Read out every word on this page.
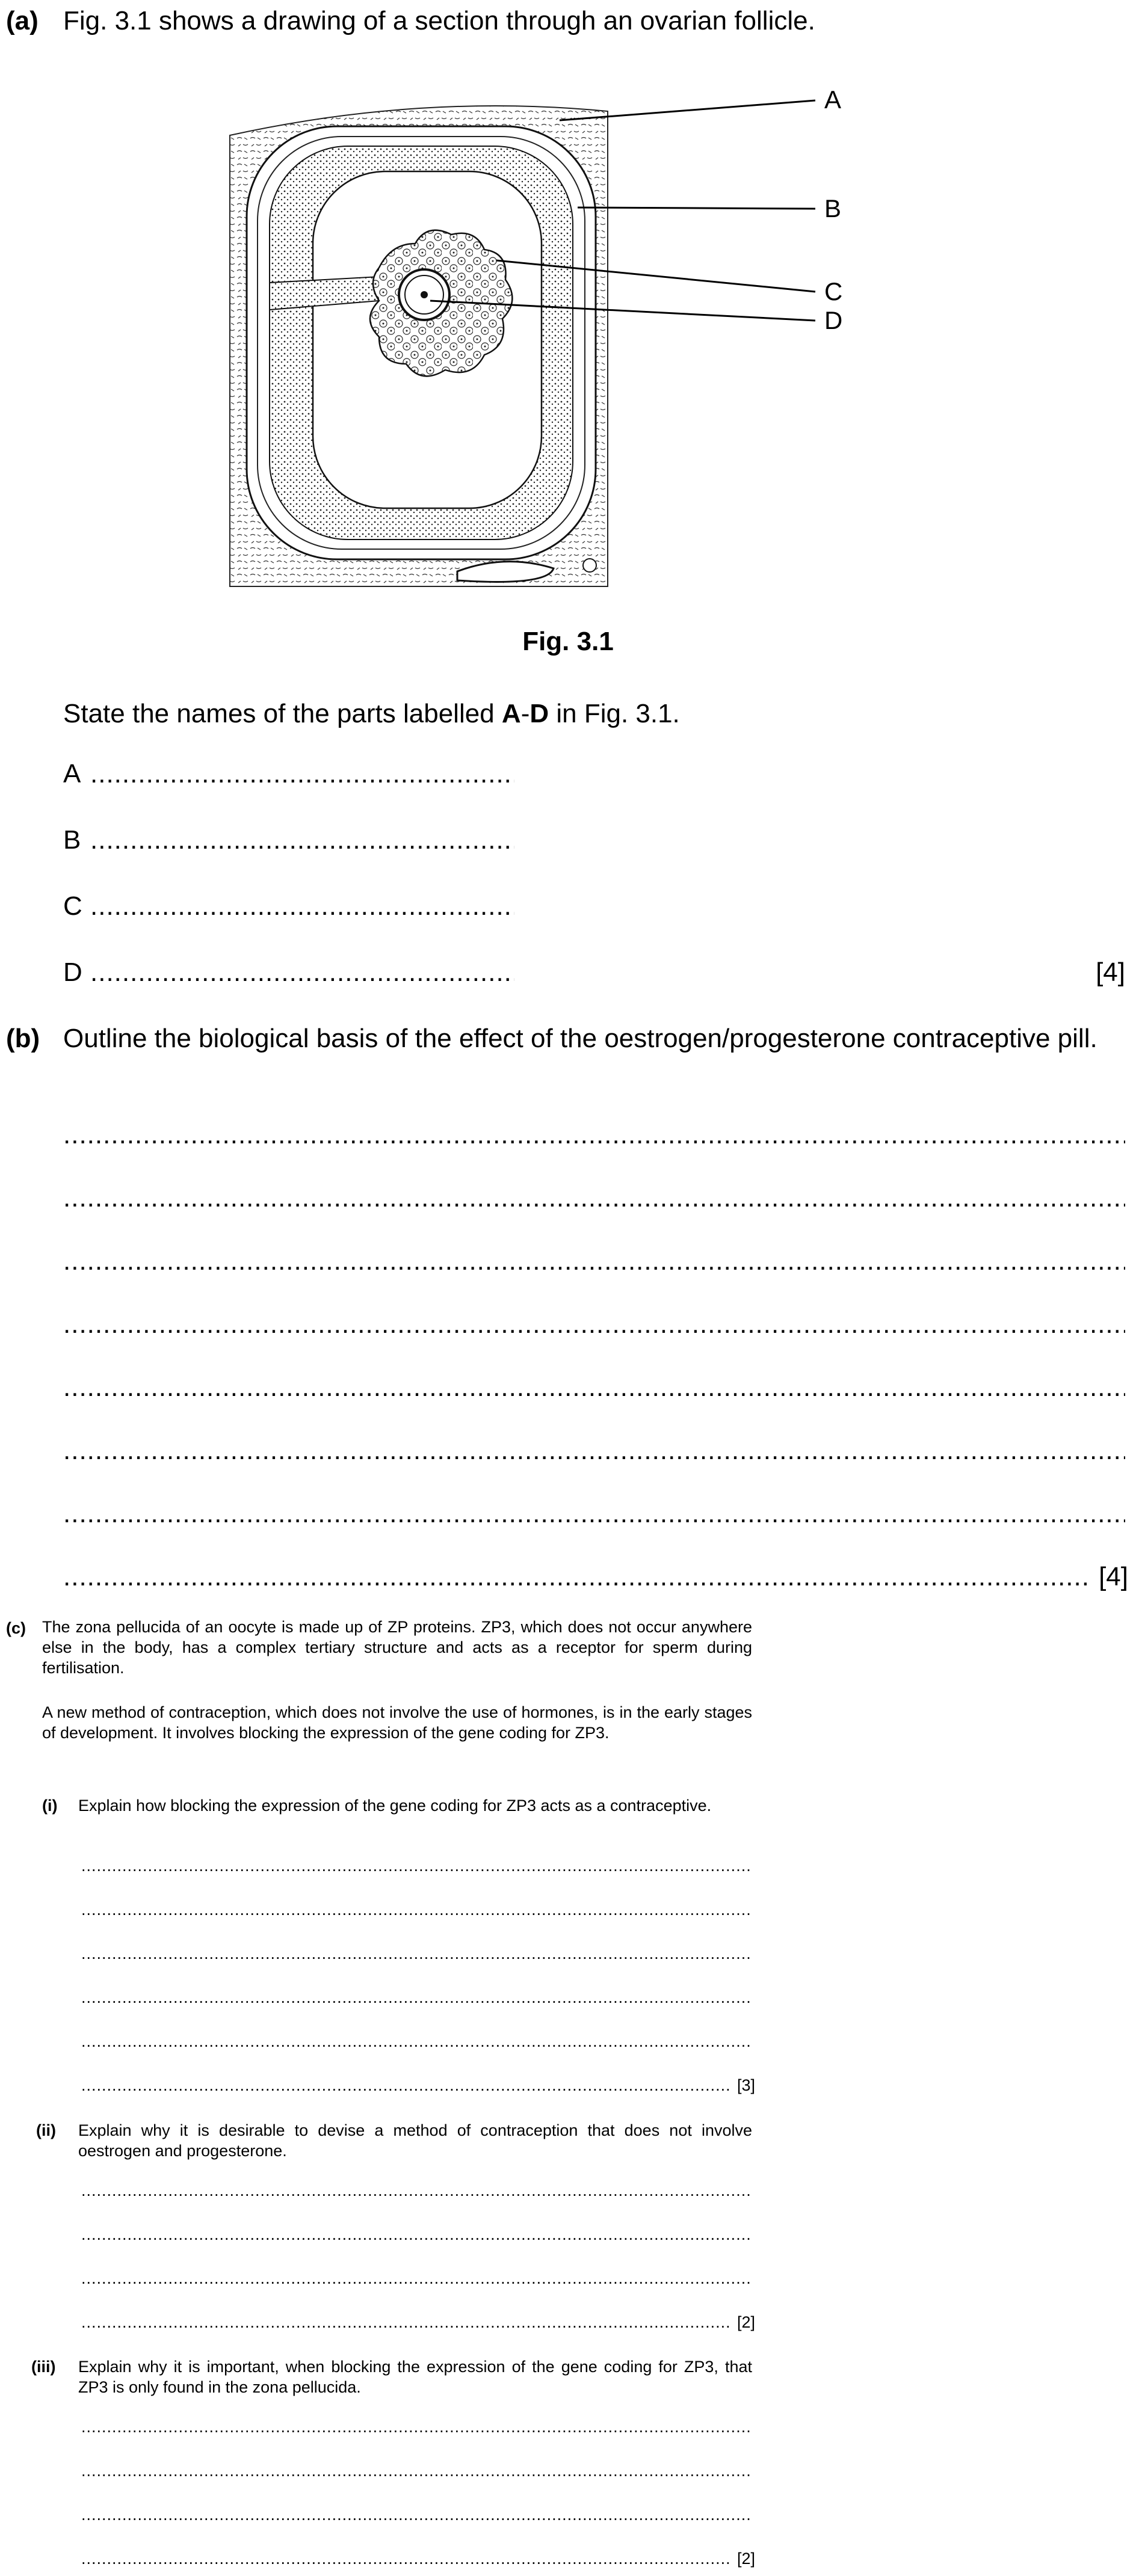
(a) Fig. 3.1 shows a drawing of a section through an ovarian follicle.
A
B
C
D
Fig. 3.1
State the names of the parts labelled A-D in Fig. 3.1.
A.....
B.....
C.....
D.....	[4]
(b) Outline the biological basis of the effect of the oestrogen/progesterone contraceptive pill.
.....
.....
.....
.....
.....
.....
.....
.....
[4]
(c) The zona pellucida of an oocyte is made up of ZP proteins. ZP3, which does not occur anywhere else in the body, has a complex tertiary structure and acts as a receptor for sperm during fertilisation.
A new method of contraception, which does not involve the use of hormones, is in the early stages of development. It involves blocking the expression of the gene coding for ZP3.
(i) Explain how blocking the expression of the gene coding for ZP3 acts as a contraceptive.
.....
.....
.....
.....
.....
.....
[3]
(ii) Explain why it is desirable to devise a method of contraception that does not involve oestrogen and progesterone.
.....
.....
.....
.....
[2]
(iii) Explain why it is important, when blocking the expression of the gene coding for ZP3, that ZP3 is only found in the zona pellucida.
.....
.....
.....
.....
[2]
